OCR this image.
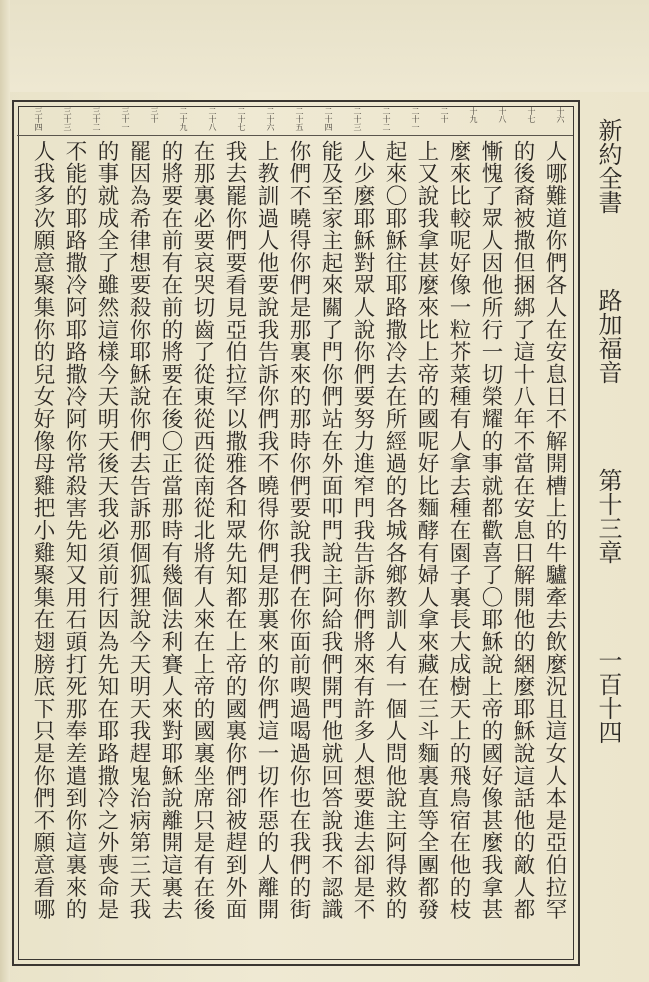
十六
十七
十八
十九
二十
二十一
二十二
二十三
二十四
二十五
二十六
二十七
二十八
二十九
三十
三十一
三十二
三十三
三十四	新約全書
路加福音
第十三章
一百十四
人哪難道你們各人在安息日不解開槽上的牛驢牽去飲麼況且這女人本是亞伯拉罕
的後裔被撒但捆綁了這十八年不當在安息日解開他的綑麼耶穌說這話他的敵人都
慚愧了眾人因他所行一切榮耀的事就都歡喜了〇耶穌說上帝的國好像甚麼我拿甚
麼來比較呢好像一粒芥菜種有人拿去種在園子裏長大成樹天上的飛鳥宿在他的枝
上又說我拿甚麼來比上帝的國呢好比麵酵有婦人拿來藏在三斗麵裏直等全團都發
起來〇耶穌往耶路撒冷去在所經過的各城各鄉教訓人有一個人問他說主阿得救的
人少麼耶穌對眾人說你們要努力進窄門我告訴你們將來有許多人想要進去卻是不
能及至家主起來關了門你們站在外面叩門說主阿給我們開門他就回答說我不認識
你們不曉得你們是那裏來的那時你們要說我們在你面前喫過喝過你也在我們的街
上教訓過人他要說我告訴你們我不曉得你們是那裏來的你們這一切作惡的人離開
我去罷你們要看見亞伯拉罕以撒雅各和眾先知都在上帝的國裏你們卻被趕到外面
在那裏必要哀哭切齒了從東從西從南從北將有人來在上帝的國裏坐席只是有在後
的將要在前有在前的將要在後〇正當那時有幾個法利賽人來對耶穌說離開這裏去
罷因為希律想要殺你耶穌說你們去告訴那個狐狸說今天明天我趕鬼治病第三天我
的事就成全了雖然這樣今天明天後天我必須前行因為先知在耶路撒冷之外喪命是
不能的耶路撒冷阿耶路撒冷阿你常殺害先知又用石頭打死那奉差遣到你這裏來的
人我多次願意聚集你的兒女好像母雞把小雞聚集在翅膀底下只是你們不願意看哪
